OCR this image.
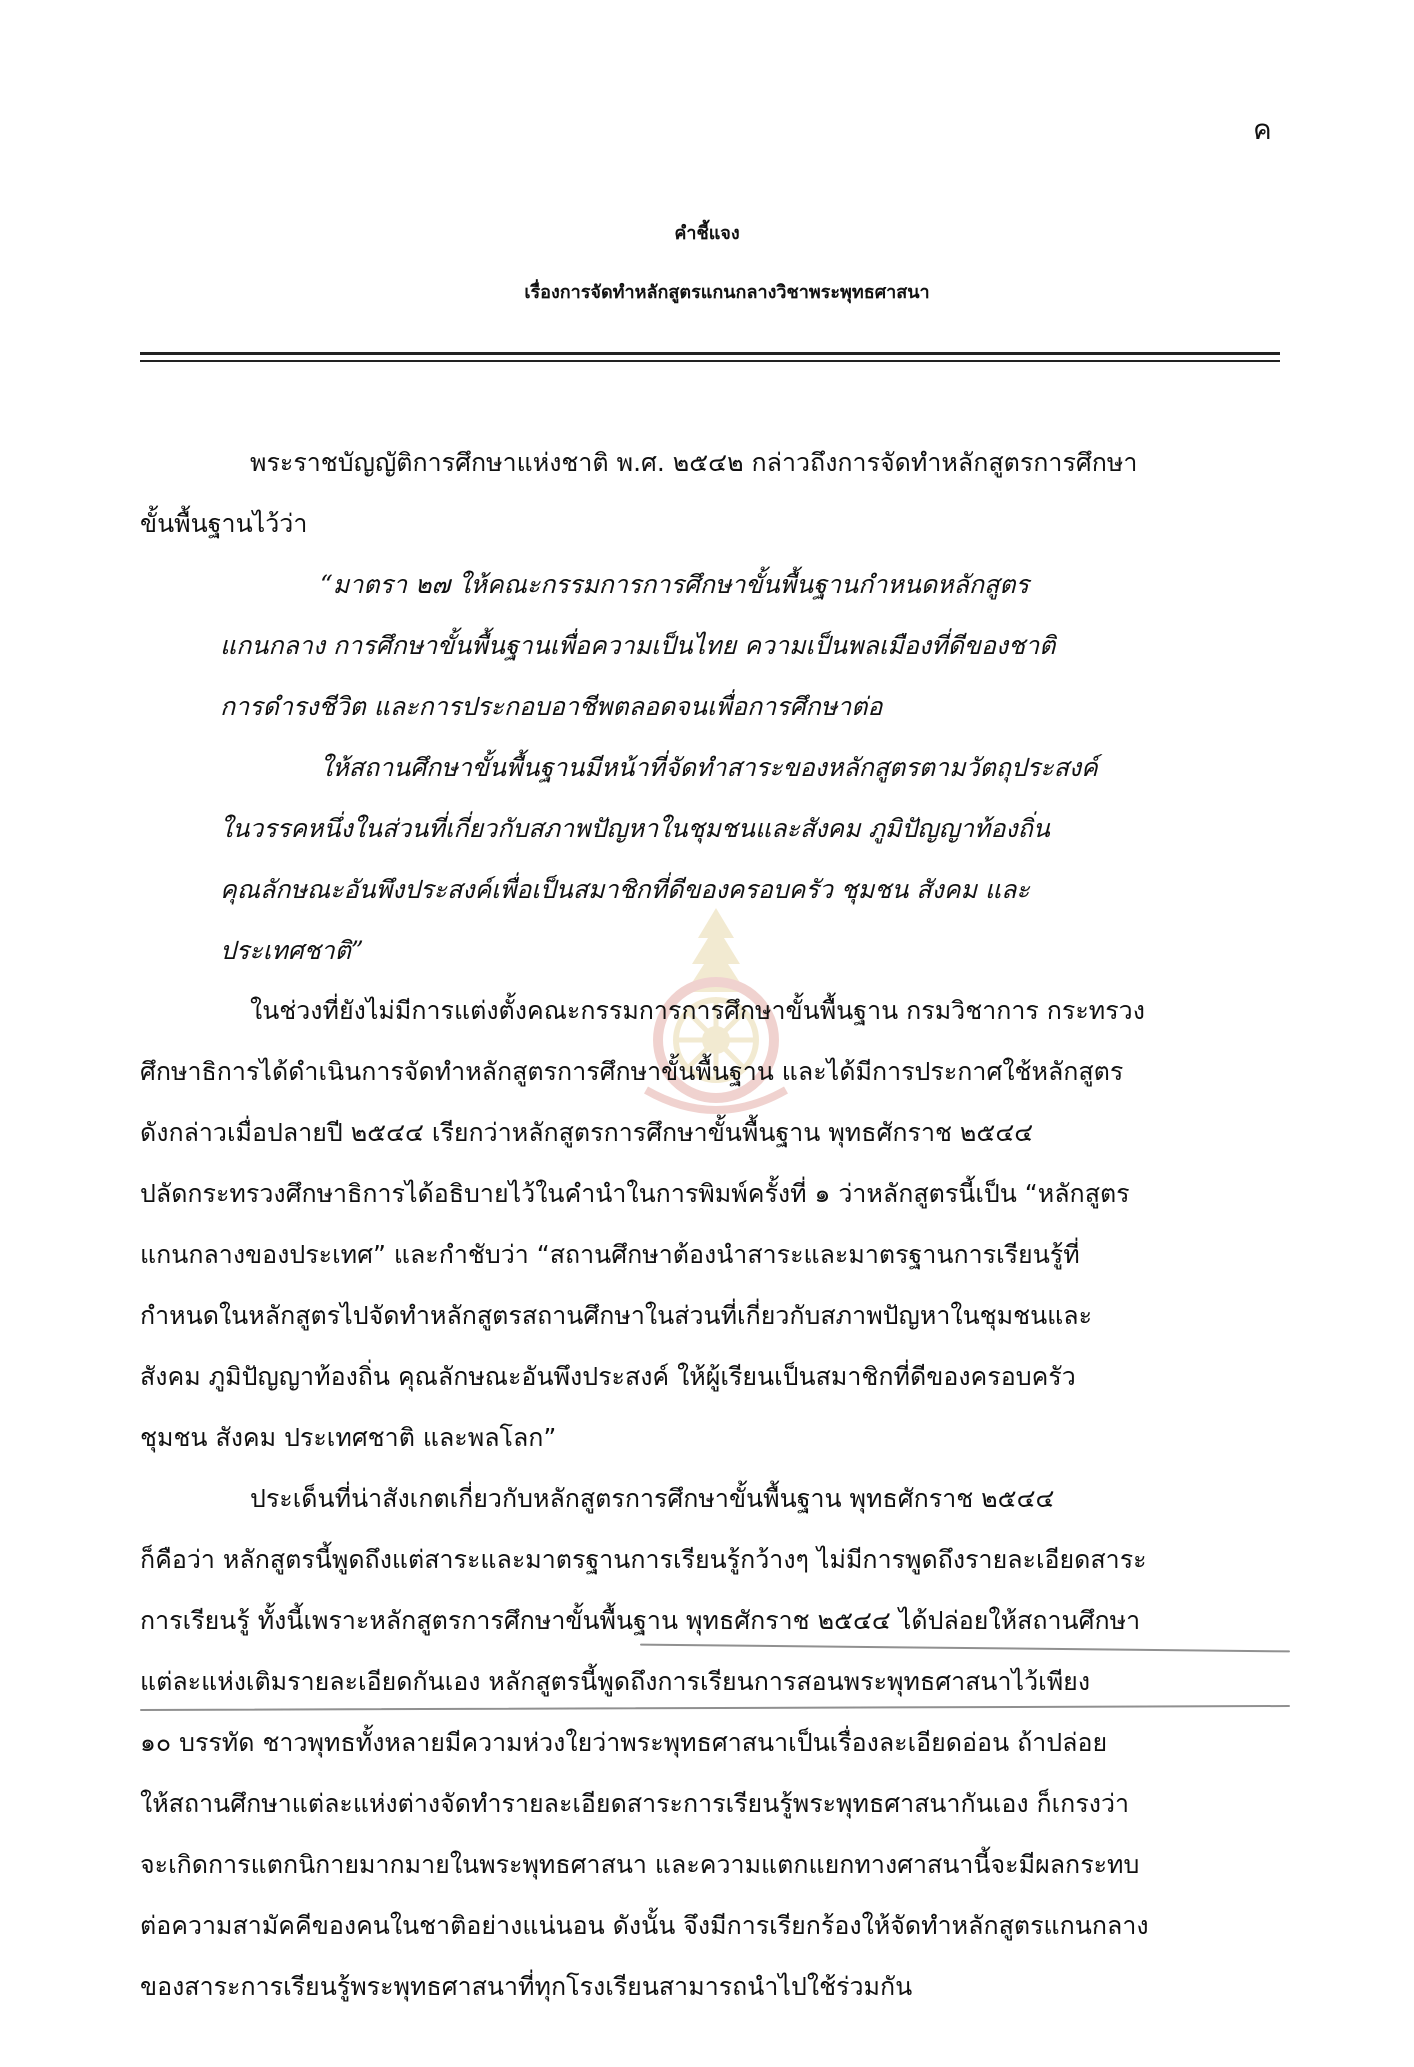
ค
คำชี้แจง
เรื่องการจัดทำหลักสูตรแกนกลางวิชาพระพุทธศาสนา
พระราชบัญญัติการศึกษาแห่งชาติ พ.ศ. ๒๕๔๒ กล่าวถึงการจัดทำหลักสูตรการศึกษา
ขั้นพื้นฐานไว้ว่า
“มาตรา ๒๗ ให้คณะกรรมการการศึกษาขั้นพื้นฐานกำหนดหลักสูตร
แกนกลาง การศึกษาขั้นพื้นฐานเพื่อความเป็นไทย ความเป็นพลเมืองที่ดีของชาติ
การดำรงชีวิต และการประกอบอาชีพตลอดจนเพื่อการศึกษาต่อ
ให้สถานศึกษาขั้นพื้นฐานมีหน้าที่จัดทำสาระของหลักสูตรตามวัตถุประสงค์
ในวรรคหนึ่งในส่วนที่เกี่ยวกับสภาพปัญหาในชุมชนและสังคม ภูมิปัญญาท้องถิ่น
คุณลักษณะอันพึงประสงค์เพื่อเป็นสมาชิกที่ดีของครอบครัว ชุมชน สังคม และ
ประเทศชาติ”
ในช่วงที่ยังไม่มีการแต่งตั้งคณะกรรมการการศึกษาขั้นพื้นฐาน กรมวิชาการ กระทรวง
ศึกษาธิการได้ดำเนินการจัดทำหลักสูตรการศึกษาขั้นพื้นฐาน และได้มีการประกาศใช้หลักสูตร
ดังกล่าวเมื่อปลายปี ๒๕๔๔ เรียกว่าหลักสูตรการศึกษาขั้นพื้นฐาน พุทธศักราช ๒๕๔๔
ปลัดกระทรวงศึกษาธิการได้อธิบายไว้ในคำนำในการพิมพ์ครั้งที่ ๑ ว่าหลักสูตรนี้เป็น “หลักสูตร
แกนกลางของประเทศ” และกำชับว่า “สถานศึกษาต้องนำสาระและมาตรฐานการเรียนรู้ที่
กำหนดในหลักสูตรไปจัดทำหลักสูตรสถานศึกษาในส่วนที่เกี่ยวกับสภาพปัญหาในชุมชนและ
สังคม ภูมิปัญญาท้องถิ่น คุณลักษณะอันพึงประสงค์ ให้ผู้เรียนเป็นสมาชิกที่ดีของครอบครัว
ชุมชน สังคม ประเทศชาติ และพลโลก”
ประเด็นที่น่าสังเกตเกี่ยวกับหลักสูตรการศึกษาขั้นพื้นฐาน พุทธศักราช ๒๕๔๔
ก็คือว่า หลักสูตรนี้พูดถึงแต่สาระและมาตรฐานการเรียนรู้กว้างๆ ไม่มีการพูดถึงรายละเอียดสาระ
การเรียนรู้ ทั้งนี้เพราะหลักสูตรการศึกษาขั้นพื้นฐาน พุทธศักราช ๒๕๔๔ ได้ปล่อยให้สถานศึกษา
แต่ละแห่งเติมรายละเอียดกันเอง หลักสูตรนี้พูดถึงการเรียนการสอนพระพุทธศาสนาไว้เพียง
๑๐ บรรทัด ชาวพุทธทั้งหลายมีความห่วงใยว่าพระพุทธศาสนาเป็นเรื่องละเอียดอ่อน ถ้าปล่อย
ให้สถานศึกษาแต่ละแห่งต่างจัดทำรายละเอียดสาระการเรียนรู้พระพุทธศาสนากันเอง ก็เกรงว่า
จะเกิดการแตกนิกายมากมายในพระพุทธศาสนา และความแตกแยกทางศาสนานี้จะมีผลกระทบ
ต่อความสามัคคีของคนในชาติอย่างแน่นอน ดังนั้น จึงมีการเรียกร้องให้จัดทำหลักสูตรแกนกลาง
ของสาระการเรียนรู้พระพุทธศาสนาที่ทุกโรงเรียนสามารถนำไปใช้ร่วมกัน
